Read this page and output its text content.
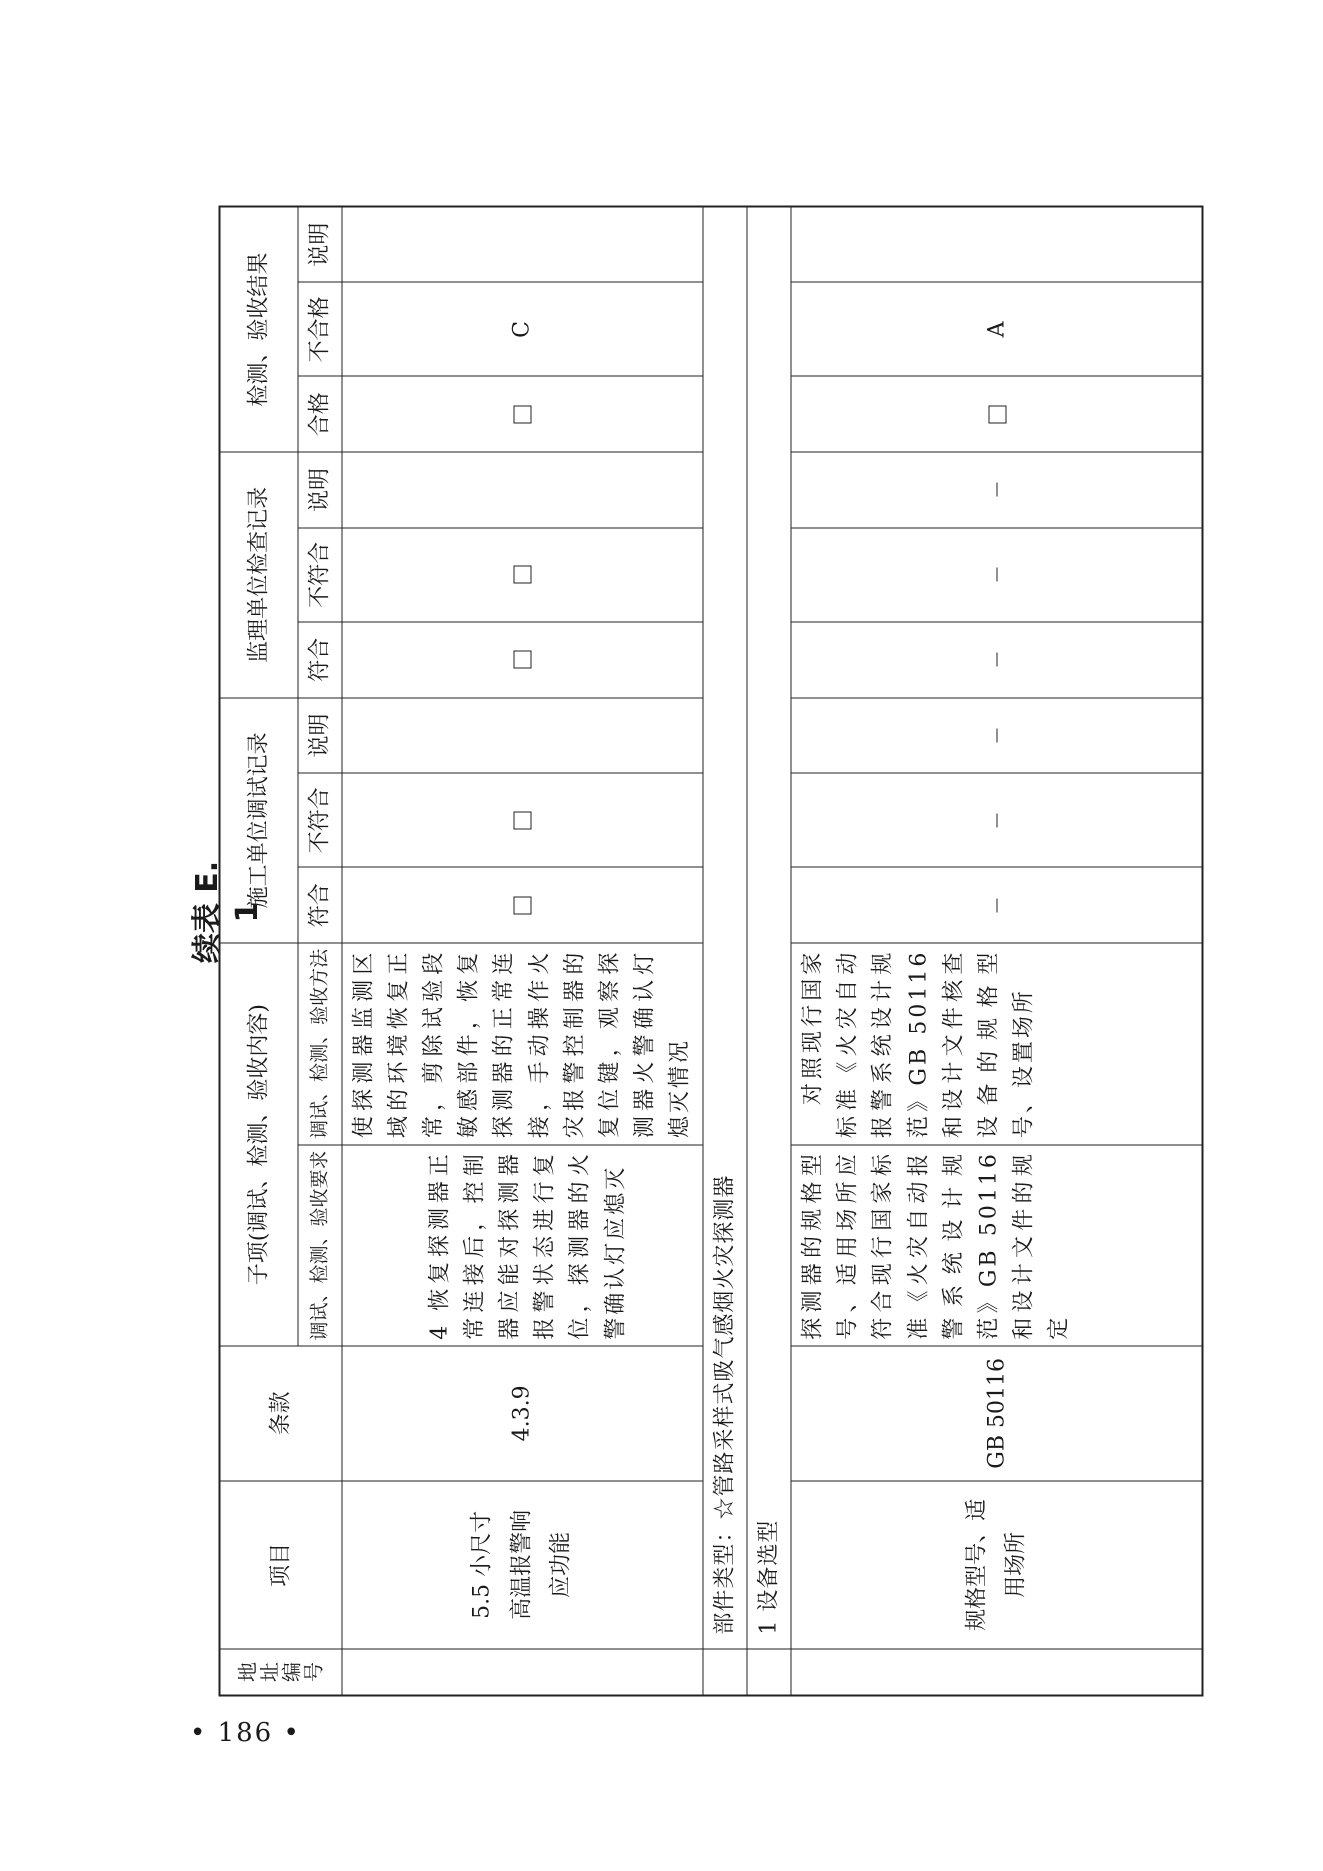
• 186 •
续表 E. 1
地址编号	项目	条款	子项(调试、检测、验收内容)		施工单位调试记录			监理单位检查记录			检测、验收结果		
			调试、检测、验收要求	调试、检测、验收方法	符合	不符合	说明	符合	不符合	说明	合格	不合格	说明
	5.5 小尺寸高温报警响应功能	4.3.9	4 恢复探测器正常连接后，控制器应能对探测器报警状态进行复位，探测器的火警确认灯应熄灭	使探测器监测区域的环境恢复正常，剪除试验段敏感部件，恢复探测器的正常连接，手动操作火灾报警控制器的复位键，观察探测器火警确认灯熄灭情况								C	
	部件类型：☆管路采样式吸气感烟火灾探测器												
	1 设备选型												
	规格型号、适用场所	GB 50116	探测器的规格型号、适用场所应符合现行国家标准《火灾自动报警系统设计规范》GB 50116 和设计文件的规定	对照现行国家标准《火灾自动报警系统设计规范》GB 50116 和设计文件核查设备的规格型号、设置场所								A	
